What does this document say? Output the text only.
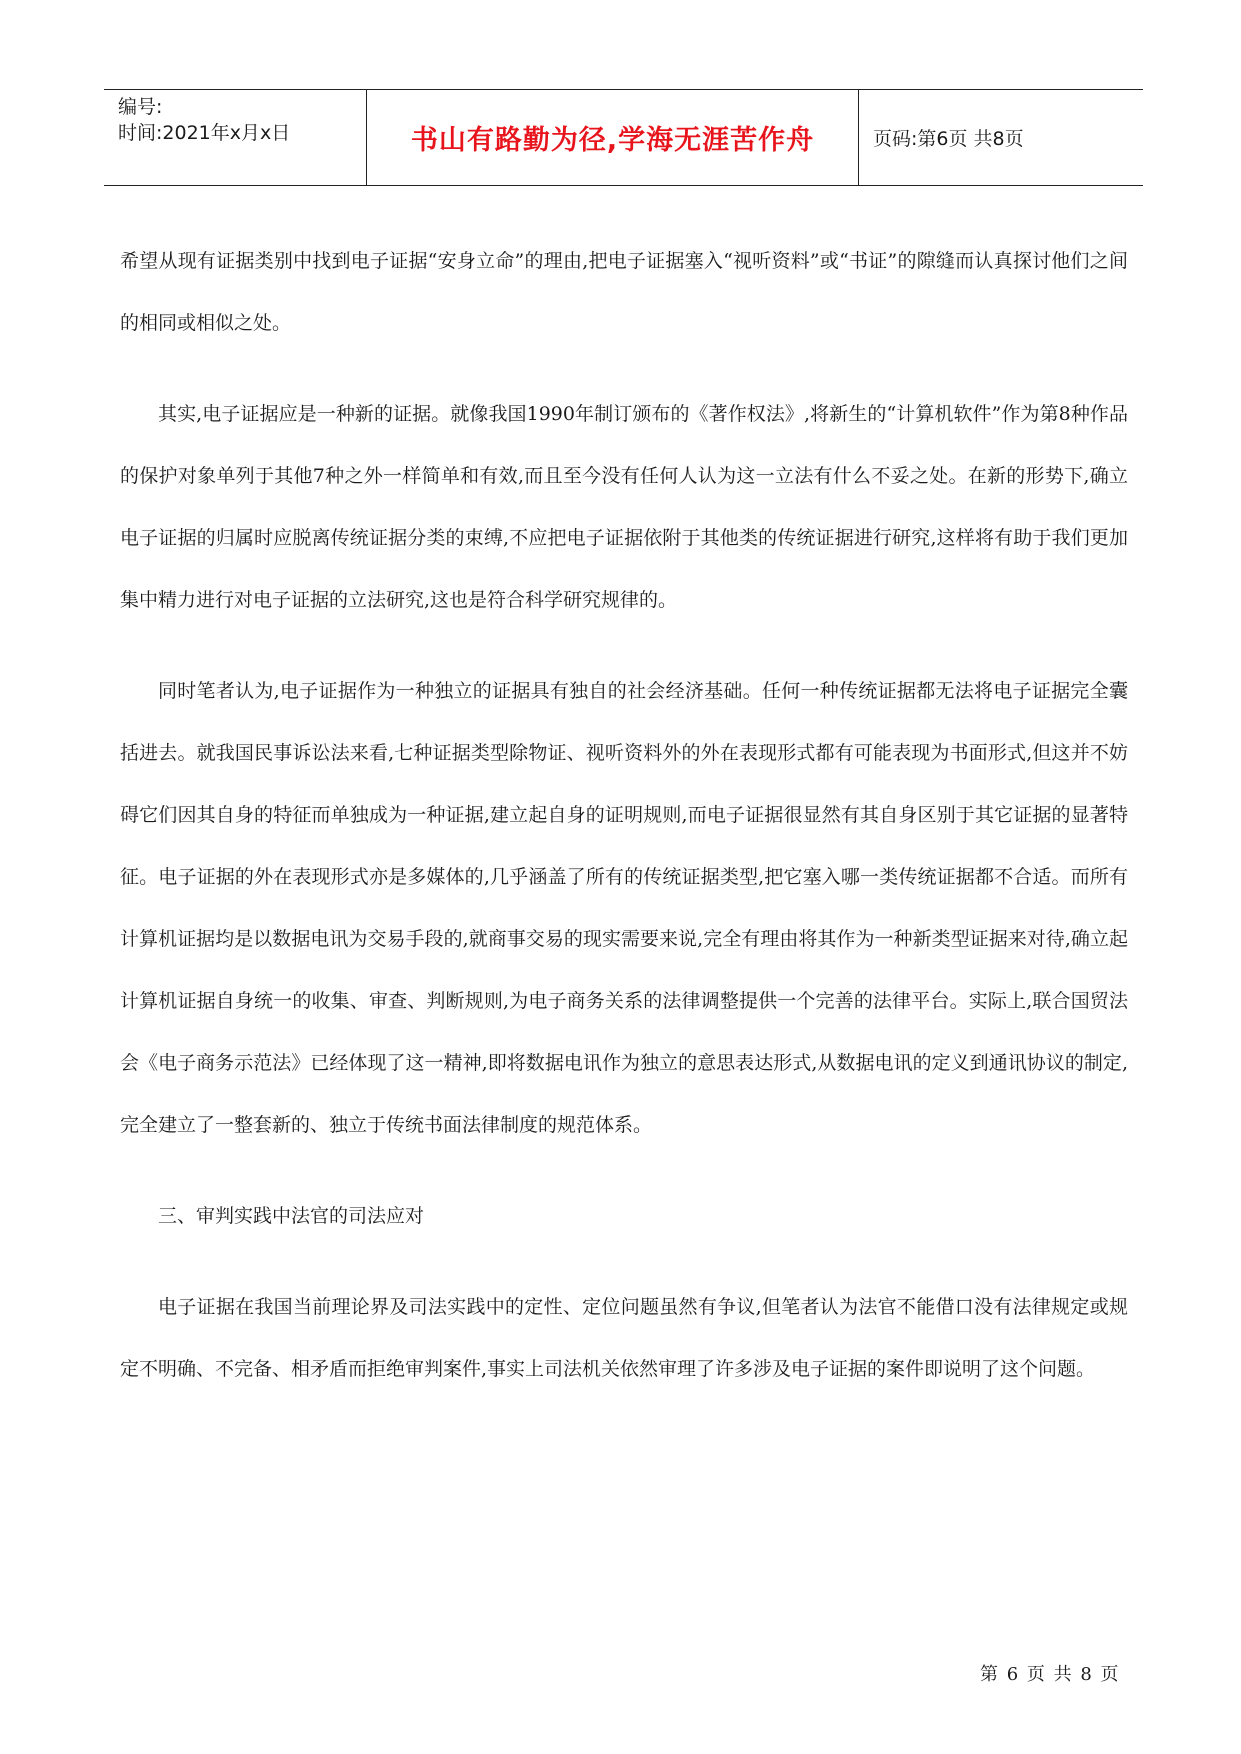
编号:
时间:2021年x月x日	书山有路勤为径,学海无涯苦作舟	页码:第6页 共8页

希望从现有证据类别中找到电子证据“安身立命”的理由,把电子证据塞入“视听资料”或“书证”的隙缝而认真探讨他们之间的相同或相似之处。

其实,电子证据应是一种新的证据。就像我国1990年制订颁布的《著作权法》,将新生的“计算机软件”作为第8种作品的保护对象单列于其他7种之外一样简单和有效,而且至今没有任何人认为这一立法有什么不妥之处。在新的形势下,确立电子证据的归属时应脱离传统证据分类的束缚,不应把电子证据依附于其他类的传统证据进行研究,这样将有助于我们更加集中精力进行对电子证据的立法研究,这也是符合科学研究规律的。

同时笔者认为,电子证据作为一种独立的证据具有独自的社会经济基础。任何一种传统证据都无法将电子证据完全囊括进去。就我国民事诉讼法来看,七种证据类型除物证、视听资料外的外在表现形式都有可能表现为书面形式,但这并不妨碍它们因其自身的特征而单独成为一种证据,建立起自身的证明规则,而电子证据很显然有其自身区别于其它证据的显著特征。电子证据的外在表现形式亦是多媒体的,几乎涵盖了所有的传统证据类型,把它塞入哪一类传统证据都不合适。而所有计算机证据均是以数据电讯为交易手段的,就商事交易的现实需要来说,完全有理由将其作为一种新类型证据来对待,确立起计算机证据自身统一的收集、审查、判断规则,为电子商务关系的法律调整提供一个完善的法律平台。实际上,联合国贸法会《电子商务示范法》已经体现了这一精神,即将数据电讯作为独立的意思表达形式,从数据电讯的定义到通讯协议的制定,完全建立了一整套新的、独立于传统书面法律制度的规范体系。

三、审判实践中法官的司法应对

电子证据在我国当前理论界及司法实践中的定性、定位问题虽然有争议,但笔者认为法官不能借口没有法律规定或规定不明确、不完备、相矛盾而拒绝审判案件,事实上司法机关依然审理了许多涉及电子证据的案件即说明了这个问题。

第 6 页 共 8 页
